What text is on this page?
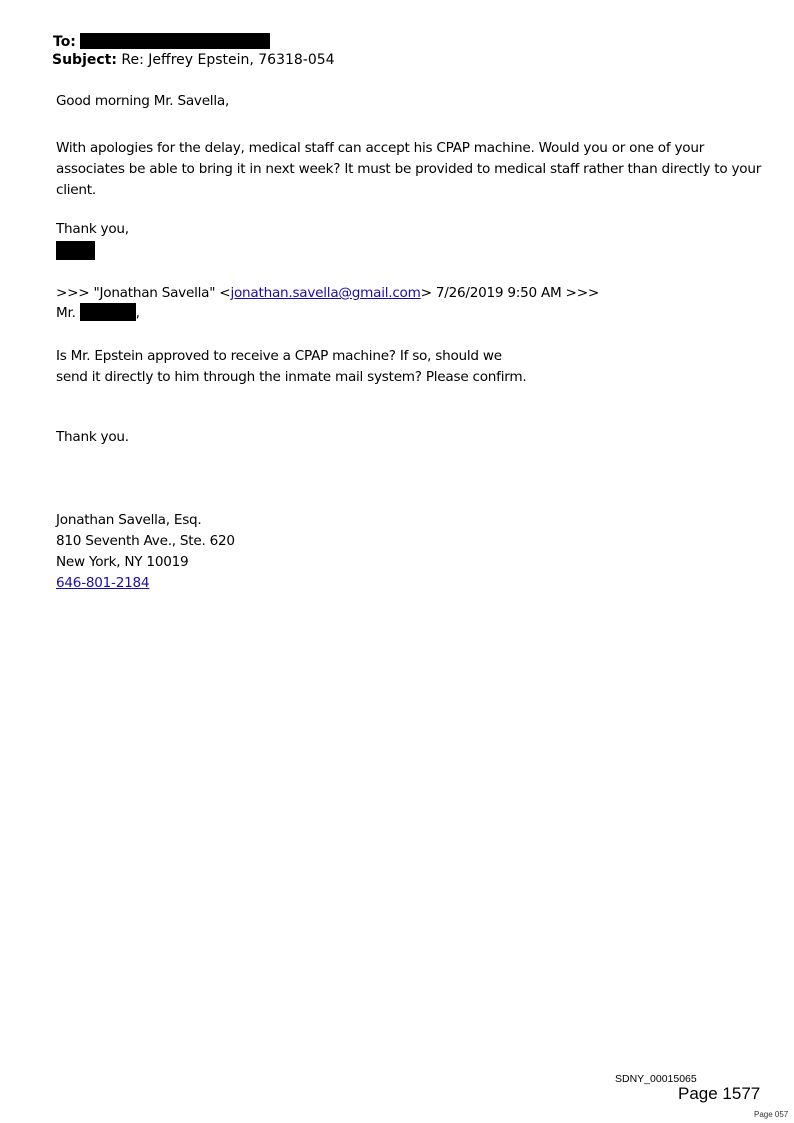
To:
Subject: Re: Jeffrey Epstein, 76318-054

Good morning Mr. Savella,

With apologies for the delay, medical staff can accept his CPAP machine. Would you or one of your

associates be able to bring it in next week? It must be provided to medical staff rather than directly to your

client.

Thank you,

>>> "Jonathan Savella" <jonathan.savella@gmail.com> 7/26/2019 9:50 AM >>>

Mr.	,

Is Mr. Epstein approved to receive a CPAP machine? If so, should we

send it directly to him through the inmate mail system? Please confirm.

Thank you.

Jonathan Savella, Esq.

810 Seventh Ave., Ste. 620

New York, NY 10019

646-801-2184

SDNY_00015065
Page 1577
Page 057
